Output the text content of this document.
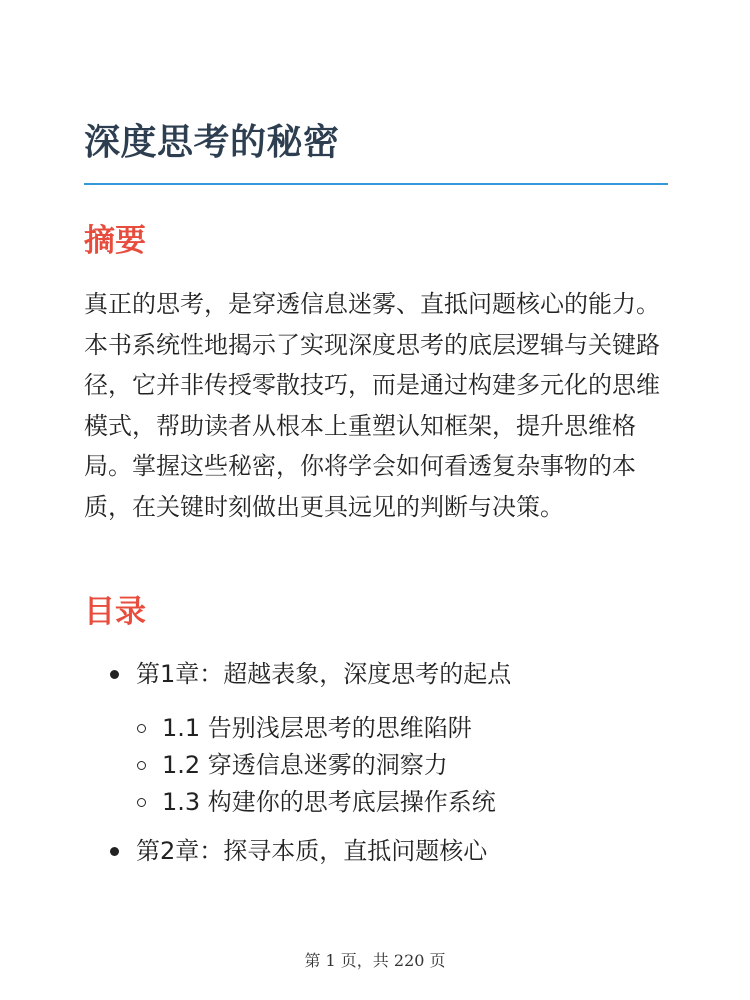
深度思考的秘密
摘要

真正的思考，是穿透信息迷雾、直抵问题核心的能力。本书系统性地揭示了实现深度思考的底层逻辑与关键路径，它并非传授零散技巧，而是通过构建多元化的思维模式，帮助读者从根本上重塑认知框架，提升思维格局。掌握这些秘密，你将学会如何看透复杂事物的本质，在关键时刻做出更具远见的判断与决策。

目录
第1章：超越表象，深度思考的起点
1.1 告别浅层思考的思维陷阱
1.2 穿透信息迷雾的洞察力
1.3 构建你的思考底层操作系统
第2章：探寻本质，直抵问题核心
第 1 页，共 220 页
